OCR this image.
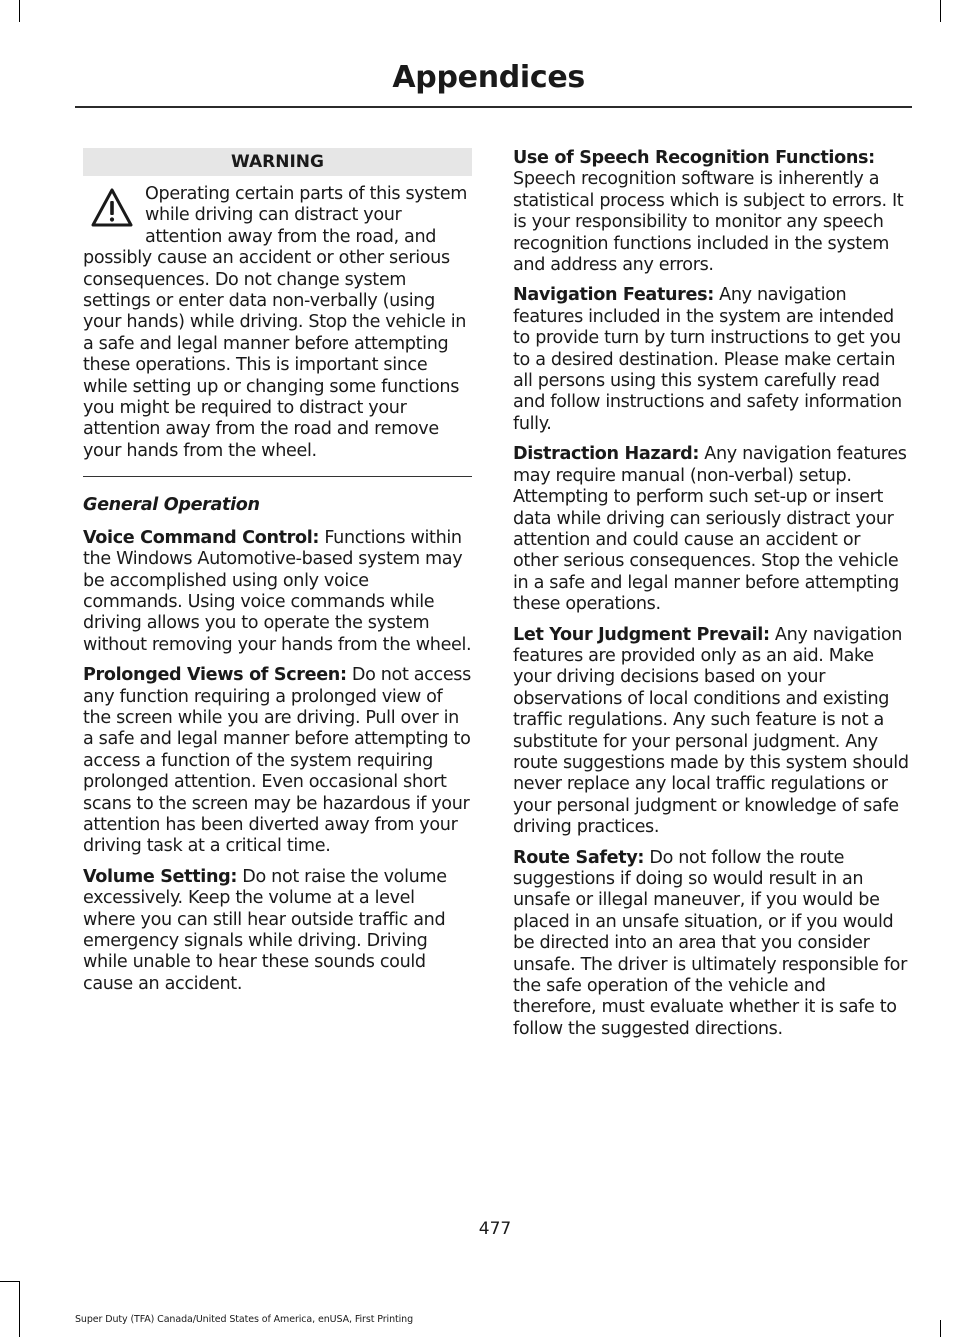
Appendices
WARNING
Operating certain parts of this system while driving can distract your attention away from the road, and possibly cause an accident or other serious consequences. Do not change system settings or enter data non-verbally (using your hands) while driving. Stop the vehicle in a safe and legal manner before attempting these operations. This is important since while setting up or changing some functions you might be required to distract your attention away from the road and remove your hands from the wheel.

General Operation

Voice Command Control: Functions within the Windows Automotive-based system may be accomplished using only voice commands. Using voice commands while driving allows you to operate the system without removing your hands from the wheel.

Prolonged Views of Screen: Do not access any function requiring a prolonged view of the screen while you are driving. Pull over in a safe and legal manner before attempting to access a function of the system requiring prolonged attention. Even occasional short scans to the screen may be hazardous if your attention has been diverted away from your driving task at a critical time.

Volume Setting: Do not raise the volume excessively. Keep the volume at a level where you can still hear outside traffic and emergency signals while driving. Driving while unable to hear these sounds could cause an accident.

Use of Speech Recognition Functions: Speech recognition software is inherently a statistical process which is subject to errors. It is your responsibility to monitor any speech recognition functions included in the system and address any errors.

Navigation Features: Any navigation features included in the system are intended to provide turn by turn instructions to get you to a desired destination. Please make certain all persons using this system carefully read and follow instructions and safety information fully.

Distraction Hazard: Any navigation features may require manual (non-verbal) setup. Attempting to perform such set-up or insert data while driving can seriously distract your attention and could cause an accident or other serious consequences. Stop the vehicle in a safe and legal manner before attempting these operations.

Let Your Judgment Prevail: Any navigation features are provided only as an aid. Make your driving decisions based on your observations of local conditions and existing traffic regulations. Any such feature is not a substitute for your personal judgment. Any route suggestions made by this system should never replace any local traffic regulations or your personal judgment or knowledge of safe driving practices.

Route Safety: Do not follow the route suggestions if doing so would result in an unsafe or illegal maneuver, if you would be placed in an unsafe situation, or if you would be directed into an area that you consider unsafe. The driver is ultimately responsible for the safe operation of the vehicle and therefore, must evaluate whether it is safe to follow the suggested directions.

477

Super Duty (TFA) Canada/United States of America, enUSA, First Printing
